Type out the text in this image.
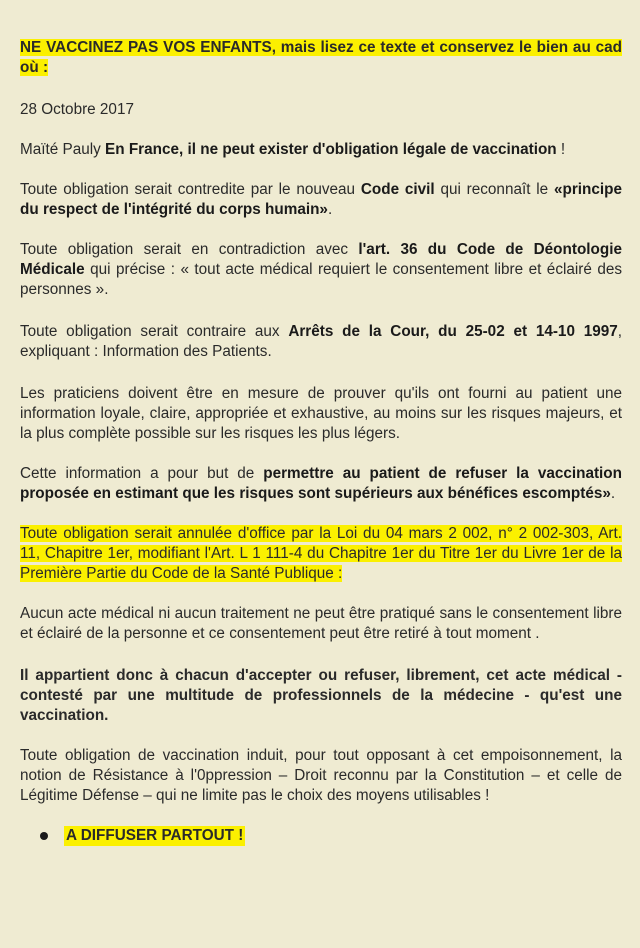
NE VACCINEZ PAS VOS ENFANTS, mais lisez ce texte et conservez le bien au cad où :

28 Octobre 2017

Maïté Pauly En France, il ne peut exister d'obligation légale de vaccination !

Toute obligation serait contredite par le nouveau Code civil qui reconnaît le «principe du respect de l'intégrité du corps humain».

Toute obligation serait en contradiction avec l'art. 36 du Code de Déontologie Médicale qui précise : « tout acte médical requiert le consentement libre et éclairé des personnes ».

Toute obligation serait contraire aux Arrêts de la Cour, du 25-02 et 14-10 1997, expliquant : Information des Patients.

Les praticiens doivent être en mesure de prouver qu'ils ont fourni au patient une information loyale, claire, appropriée et exhaustive, au moins sur les risques majeurs, et la plus complète possible sur les risques les plus légers.

Cette information a pour but de permettre au patient de refuser la vaccination proposée en estimant que les risques sont supérieurs aux bénéfices escomptés».

Toute obligation serait annulée d'office par la Loi du 04 mars 2 002, n° 2 002-303, Art. 11, Chapitre 1er, modifiant l'Art. L 1 111-4 du Chapitre 1er du Titre 1er du Livre 1er de la Première Partie du Code de la Santé Publique :

Aucun acte médical ni aucun traitement ne peut être pratiqué sans le consentement libre et éclairé de la personne et ce consentement peut être retiré à tout moment .

Il appartient donc à chacun d'accepter ou refuser, librement, cet acte médical - contesté par une multitude de professionnels de la médecine - qu'est une vaccination.

Toute obligation de vaccination induit, pour tout opposant à cet empoisonnement, la notion de Résistance à l'0ppression – Droit reconnu par la Constitution – et celle de Légitime Défense – qui ne limite pas le choix des moyens utilisables !

A DIFFUSER PARTOUT !
